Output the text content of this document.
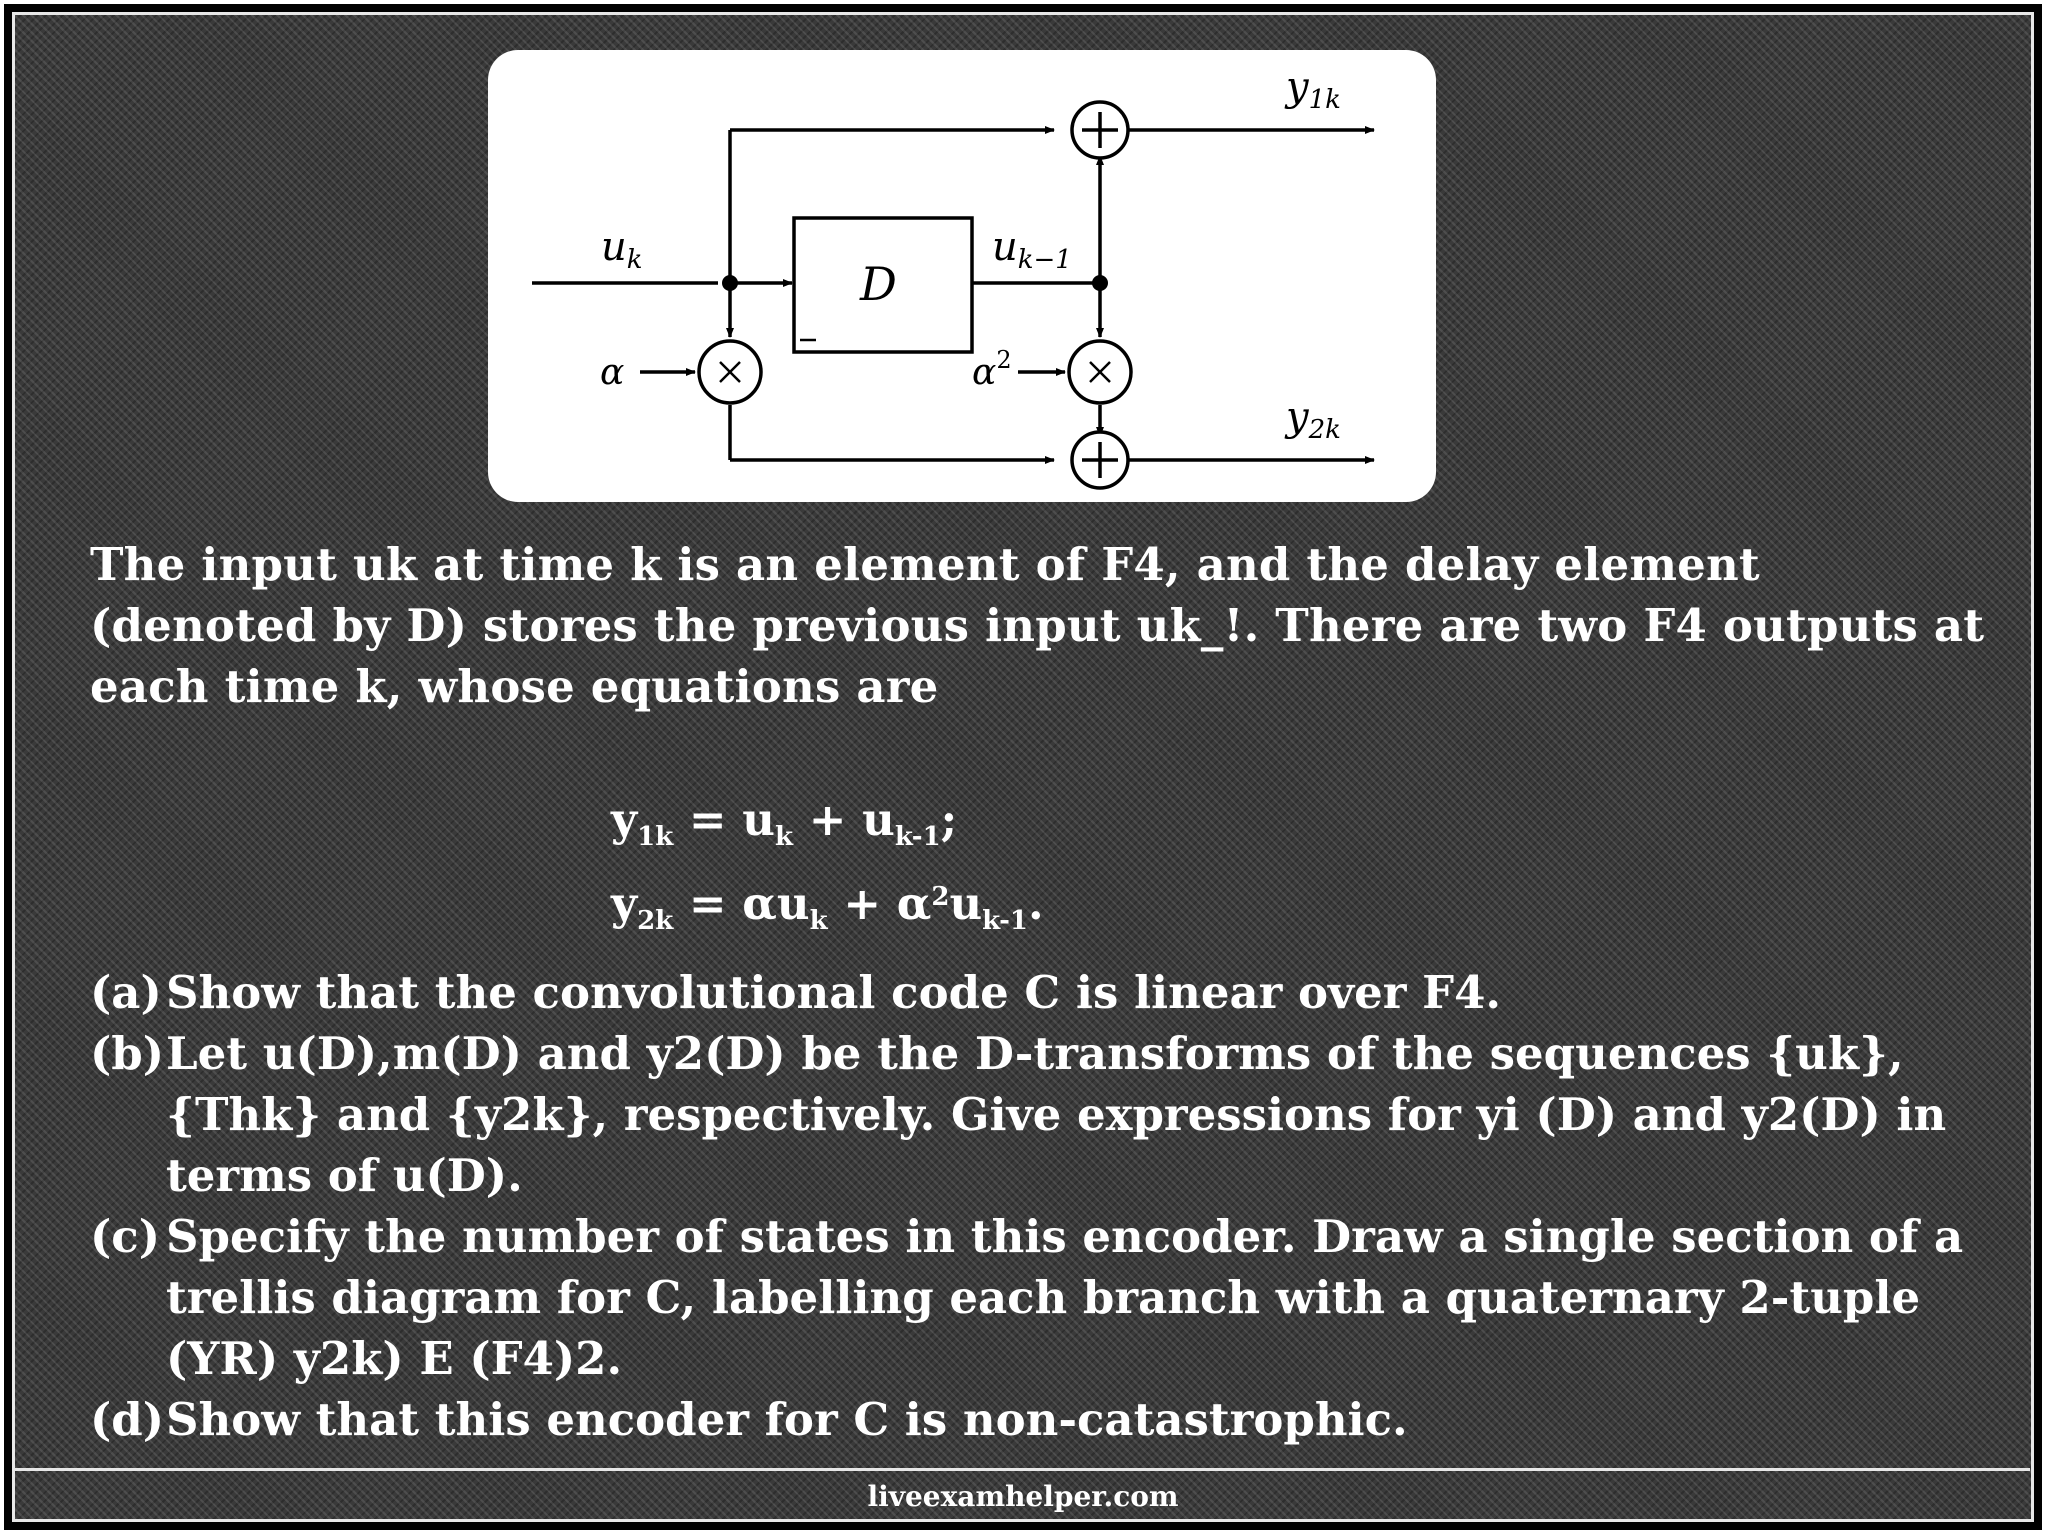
$u_k$	D
$u_{k-1}$
α	$\alpha^2$
$y_{1k}$
$y_{2k}$
The input uk at time k is an element of F4, and the delay element (denoted by D) stores the previous input uk_!. There are two F4 outputs at each time k, whose equations are
$y_{1k} = u_k + u_{k-1}$;
$y_{2k} = \alpha u_k + \alpha^2u_{k-1}$.
(a) Show that the convolutional code C is linear over F4.
(b) Let u(D),m(D) and y2(D) be the D-transforms of the sequences {uk}, {Thk} and {y2k}, respectively. Give expressions for yi (D) and y2(D) in terms of u(D).
(c) Specify the number of states in this encoder. Draw a single section of a trellis diagram for C, labelling each branch with a quaternary 2-tuple (YR) y2k) E (F4)2.
(d) Show that this encoder for C is non-catastrophic.
liveexamhelper.com
